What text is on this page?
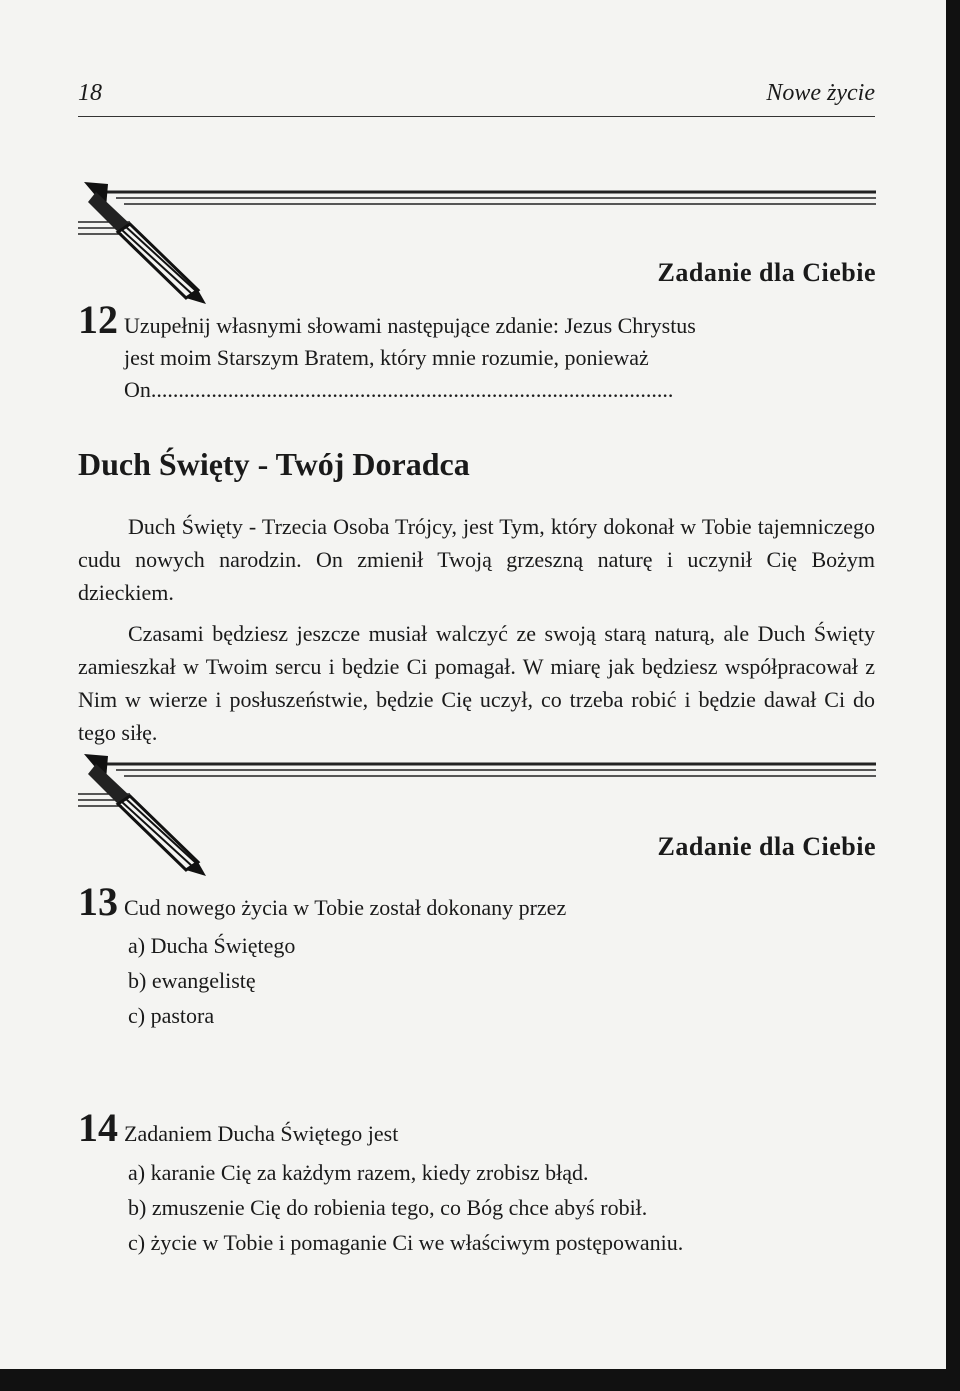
18	Nowe życie
Zadanie dla Ciebie
12 Uzupełnij własnymi słowami następujące zdanie: Jezus Chrystus
jest moim Starszym Bratem, który mnie rozumie, ponieważ
On...............................................................................................
Duch Święty - Twój Doradca
Duch Święty - Trzecia Osoba Trójcy, jest Tym, który dokonał w Tobie tajemniczego cudu nowych narodzin. On zmienił Twoją grzeszną naturę i uczynił Cię Bożym dzieckiem.
Czasami będziesz jeszcze musiał walczyć ze swoją starą naturą, ale Duch Święty zamieszkał w Twoim sercu i będzie Ci pomagał. W miarę jak będziesz współpracował z Nim w wierze i posłuszeństwie, będzie Cię uczył, co trzeba robić i będzie dawał Ci do tego siłę.
Zadanie dla Ciebie
13 Cud nowego życia w Tobie został dokonany przez
a) Ducha Świętego
b) ewangelistę
c) pastora
14 Zadaniem Ducha Świętego jest
a) karanie Cię za każdym razem, kiedy zrobisz błąd.
b) zmuszenie Cię do robienia tego, co Bóg chce abyś robił.
c) życie w Tobie i pomaganie Ci we właściwym postępowaniu.
